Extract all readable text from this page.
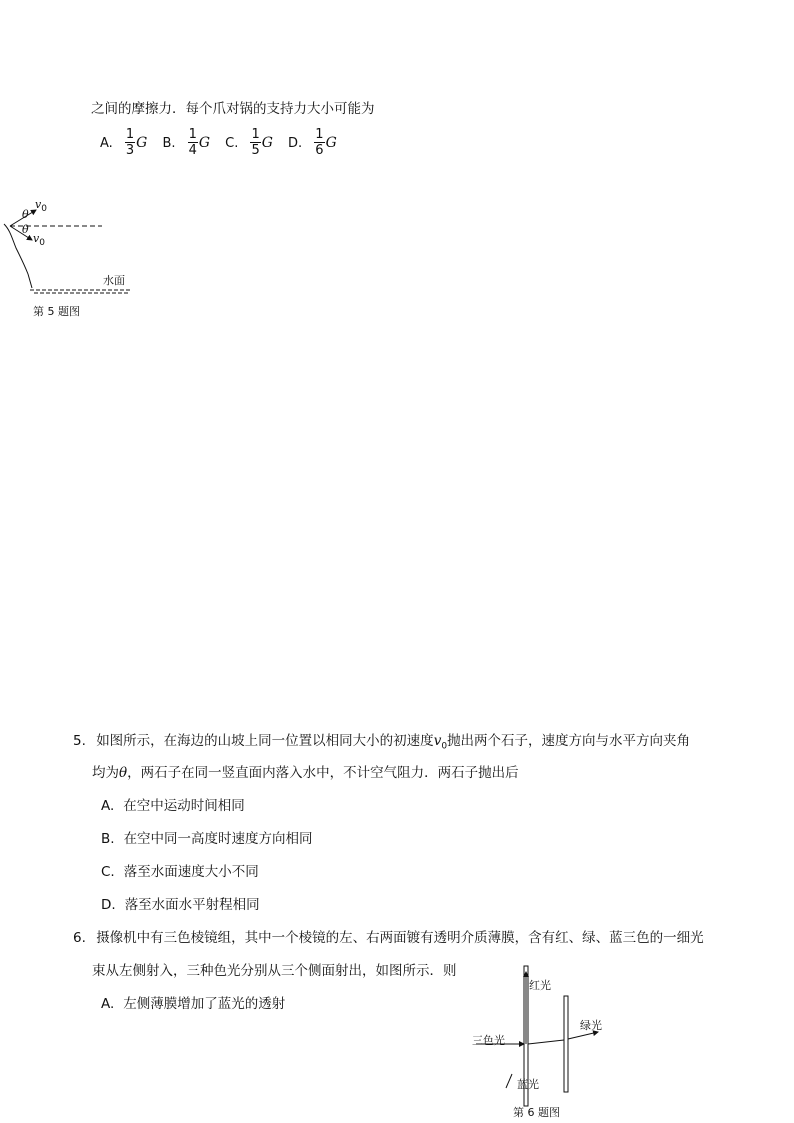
之间的摩擦力．每个爪对锅的支持力大小可能为
A. $\frac{1}{3}$ G B. $\frac{1}{4}$ G C. $\frac{1}{5}$ G D. $\frac{1}{6}$ G
$v_0$
θ
θ
$v_0$
水面
第 5 题图
5. 如图所示，在海边的山坡上同一位置以相同大小的初速度$v_0$抛出两个石子，速度方向与水平方向夹角
均为θ，两石子在同一竖直面内落入水中，不计空气阻力．两石子抛出后
A. 在空中运动时间相同
B. 在空中同一高度时速度方向相同
C. 落至水面速度大小不同
D. 落至水面水平射程相同
6. 摄像机中有三色棱镜组，其中一个棱镜的左、右两面镀有透明介质薄膜，含有红、绿、蓝三色的一细光
束从左侧射入，三种色光分别从三个侧面射出，如图所示．则
A. 左侧薄膜增加了蓝光的透射
红光
绿光
三色光
蓝光
第 6 题图
